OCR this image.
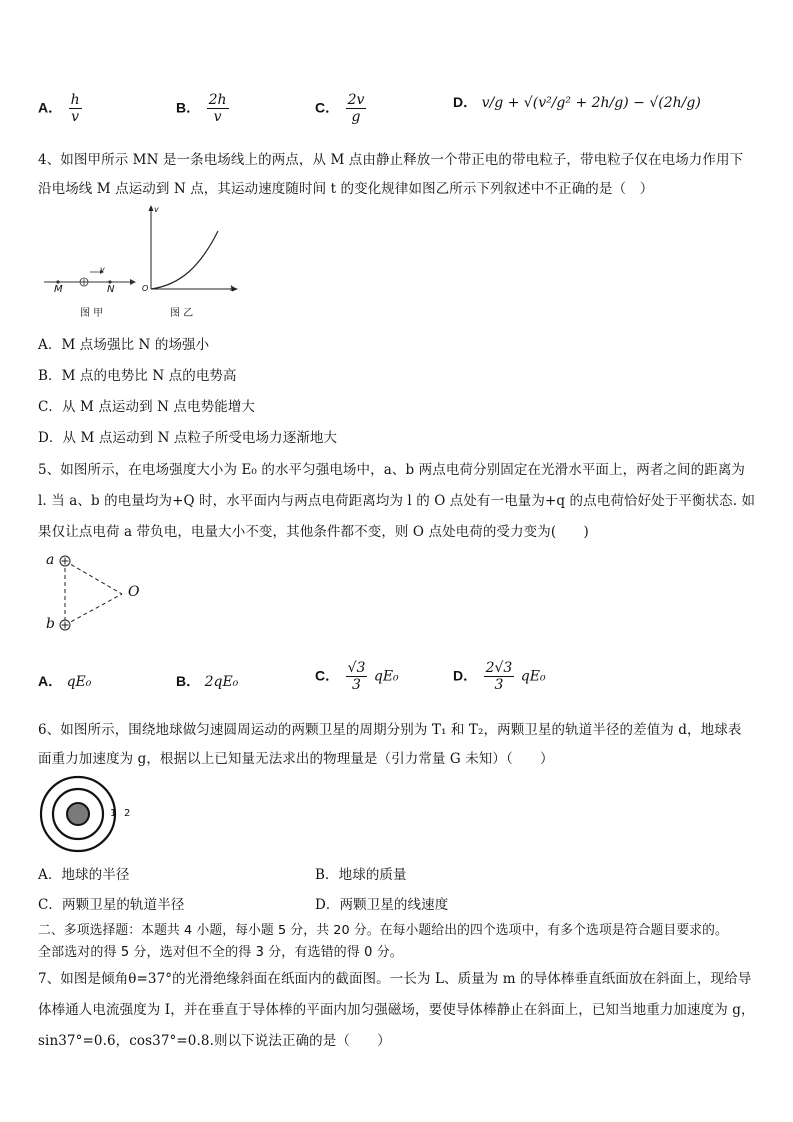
A． $\frac{h}{v}$	B． $\frac{2h}{v}$	C． $\frac{2v}{g}$	D． v/g + √(v²/g² + 2h/g) − √(2h/g)
4、如图甲所示 MN 是一条电场线上的两点，从 M 点由静止释放一个带正电的带电粒子，带电粒子仅在电场力作用下
沿电场线 M 点运动到 N 点，其运动速度随时间 t 的变化规律如图乙所示下列叙述中不正确的是（　）
M	N
v
图 甲
v
t
O
图 乙
A．M 点场强比 N 的场强小
B．M 点的电势比 N 点的电势高
C．从 M 点运动到 N 点电势能增大
D．从 M 点运动到 N 点粒子所受电场力逐渐地大
5、如图所示，在电场强度大小为 E₀ 的水平匀强电场中，a、b 两点电荷分别固定在光滑水平面上，两者之间的距离为
l. 当 a、b 的电量均为+Q 时，水平面内与两点电荷距离均为 l 的 O 点处有一电量为+q 的点电荷恰好处于平衡状态. 如
果仅让点电荷 a 带负电，电量大小不变，其他条件都不变，则 O 点处电荷的受力变为(　　)
a
b
O
A． qE₀	B． 2qE₀	C． $\frac{√3}{3} qE_0$	D． $\frac{2√3}{3} qE_0$
6、如图所示，围绕地球做匀速圆周运动的两颗卫星的周期分别为 T₁ 和 T₂，两颗卫星的轨道半径的差值为 d，地球表
面重力加速度为 g，根据以上已知量无法求出的物理量是（引力常量 G 未知）（　　）
1 2
A．地球的半径	B．地球的质量
C．两颗卫星的轨道半径	D．两颗卫星的线速度
二、多项选择题：本题共 4 小题，每小题 5 分，共 20 分。在每小题给出的四个选项中，有多个选项是符合题目要求的。
全部选对的得 5 分，选对但不全的得 3 分，有选错的得 0 分。
7、如图是倾角θ=37°的光滑绝缘斜面在纸面内的截面图。一长为 L、质量为 m 的导体棒垂直纸面放在斜面上，现给导
体棒通人电流强度为 I，并在垂直于导体棒的平面内加匀强磁场，要使导体棒静止在斜面上，已知当地重力加速度为 g，
sin37°=0.6，cos37°=0.8.则以下说法正确的是（　　）
